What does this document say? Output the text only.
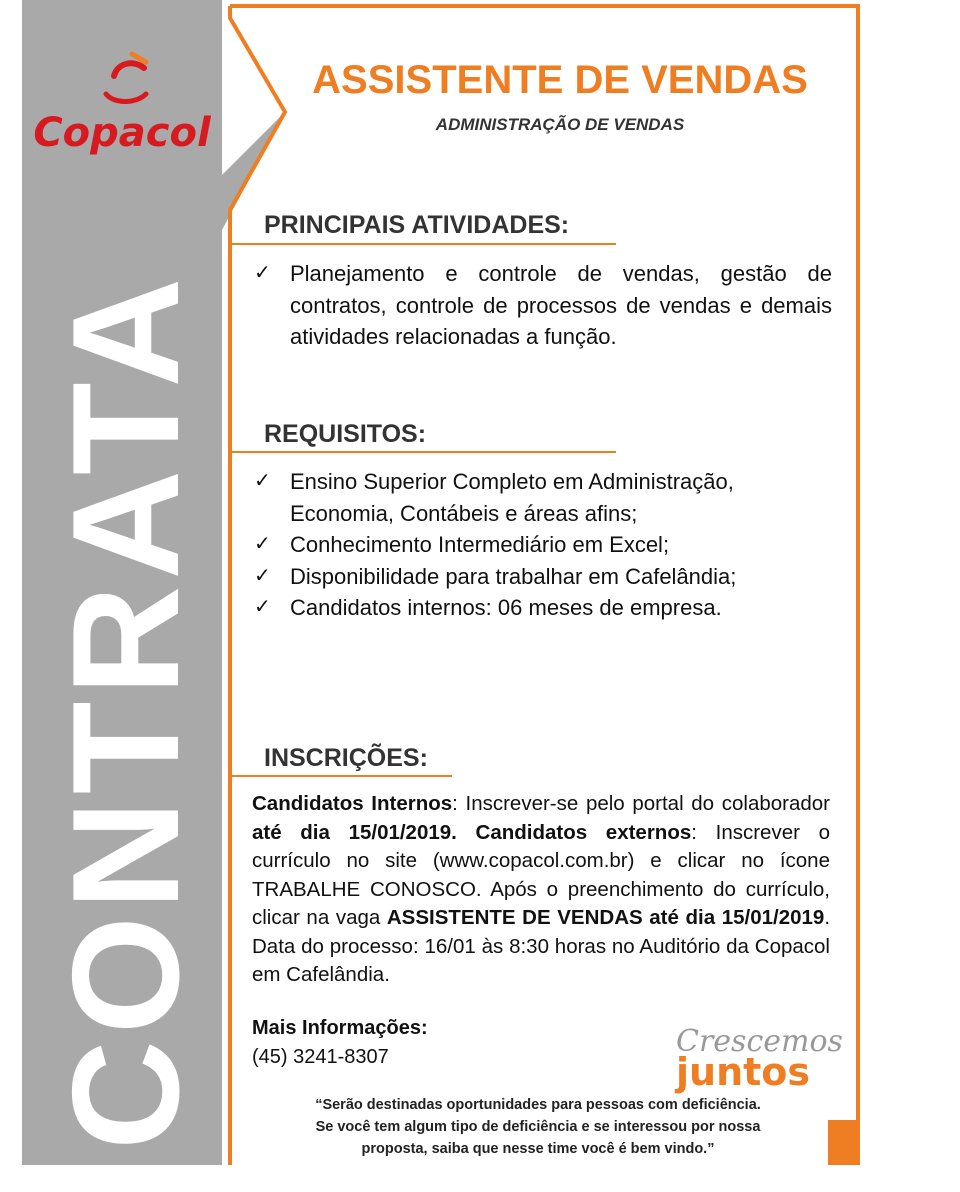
Copacol
CONTRATA
ASSISTENTE DE VENDAS
ADMINISTRAÇÃO DE VENDAS
PRINCIPAIS ATIVIDADES:
✓ Planejamento e controle de vendas, gestão de contratos, controle de processos de vendas e demais atividades relacionadas a função.
REQUISITOS:
✓ Ensino Superior Completo em Administração, Economia, Contábeis e áreas afins;
✓ Conhecimento Intermediário em Excel;
✓ Disponibilidade para trabalhar em Cafelândia;
✓ Candidatos internos: 06 meses de empresa.
INSCRIÇÕES:

Candidatos Internos: Inscrever-se pelo portal do colaborador até dia 15/01/2019. Candidatos externos: Inscrever o currículo no site (www.copacol.com.br) e clicar no ícone TRABALHE CONOSCO. Após o preenchimento do currículo, clicar na vaga ASSISTENTE DE VENDAS até dia 15/01/2019. Data do processo: 16/01 às 8:30 horas no Auditório da Copacol em Cafelândia.

Mais Informações:
(45) 3241-8307	Crescemos
juntos

“Serão destinadas oportunidades para pessoas com deficiência.
Se você tem algum tipo de deficiência e se interessou por nossa
proposta, saiba que nesse time você é bem vindo.”
